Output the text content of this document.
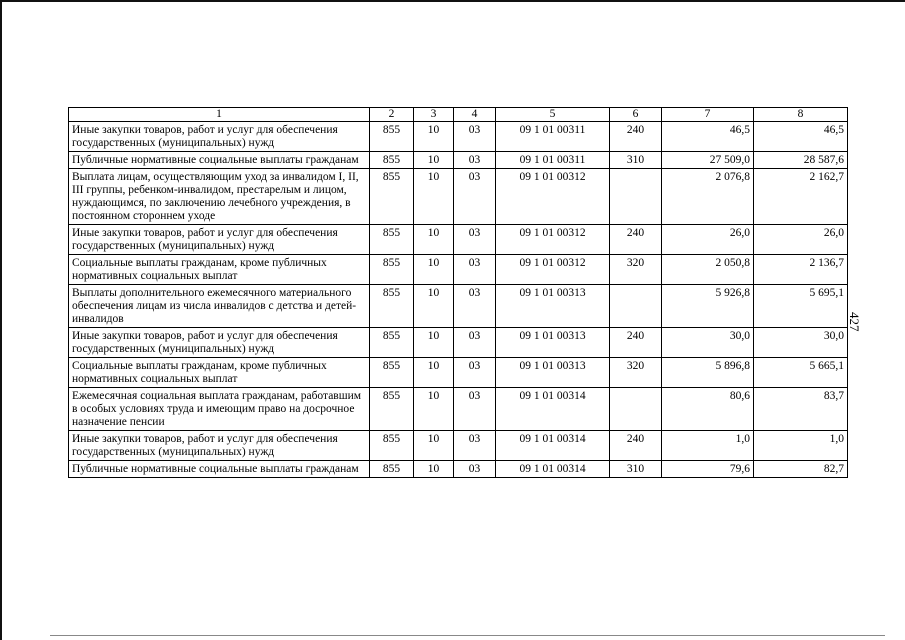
427
1	2	3	4	5	6	7	8
Иные закупки товаров, работ и услуг для обеспечения государственных (муниципальных) нужд	855	10	03	09 1 01 00311	240	46,5	46,5
Публичные нормативные социальные выплаты гражданам	855	10	03	09 1 01 00311	310	27 509,0	28 587,6
Выплата лицам, осуществляющим уход за инвалидом I, II, III группы, ребенком-инвалидом, престарелым и лицом, нуждающимся, по заключению лечебного учреждения, в постоянном стороннем уходе	855	10	03	09 1 01 00312		2 076,8	2 162,7
Иные закупки товаров, работ и услуг для обеспечения государственных (муниципальных) нужд	855	10	03	09 1 01 00312	240	26,0	26,0
Социальные выплаты гражданам, кроме публичных нормативных социальных выплат	855	10	03	09 1 01 00312	320	2 050,8	2 136,7
Выплаты дополнительного ежемесячного материального обеспечения лицам из числа инвалидов с детства и детей-инвалидов	855	10	03	09 1 01 00313		5 926,8	5 695,1
Иные закупки товаров, работ и услуг для обеспечения государственных (муниципальных) нужд	855	10	03	09 1 01 00313	240	30,0	30,0
Социальные выплаты гражданам, кроме публичных нормативных социальных выплат	855	10	03	09 1 01 00313	320	5 896,8	5 665,1
Ежемесячная социальная выплата гражданам, работавшим в особых условиях труда и имеющим право на досрочное назначение пенсии	855	10	03	09 1 01 00314		80,6	83,7
Иные закупки товаров, работ и услуг для обеспечения государственных (муниципальных) нужд	855	10	03	09 1 01 00314	240	1,0	1,0
Публичные нормативные социальные выплаты гражданам	855	10	03	09 1 01 00314	310	79,6	82,7
